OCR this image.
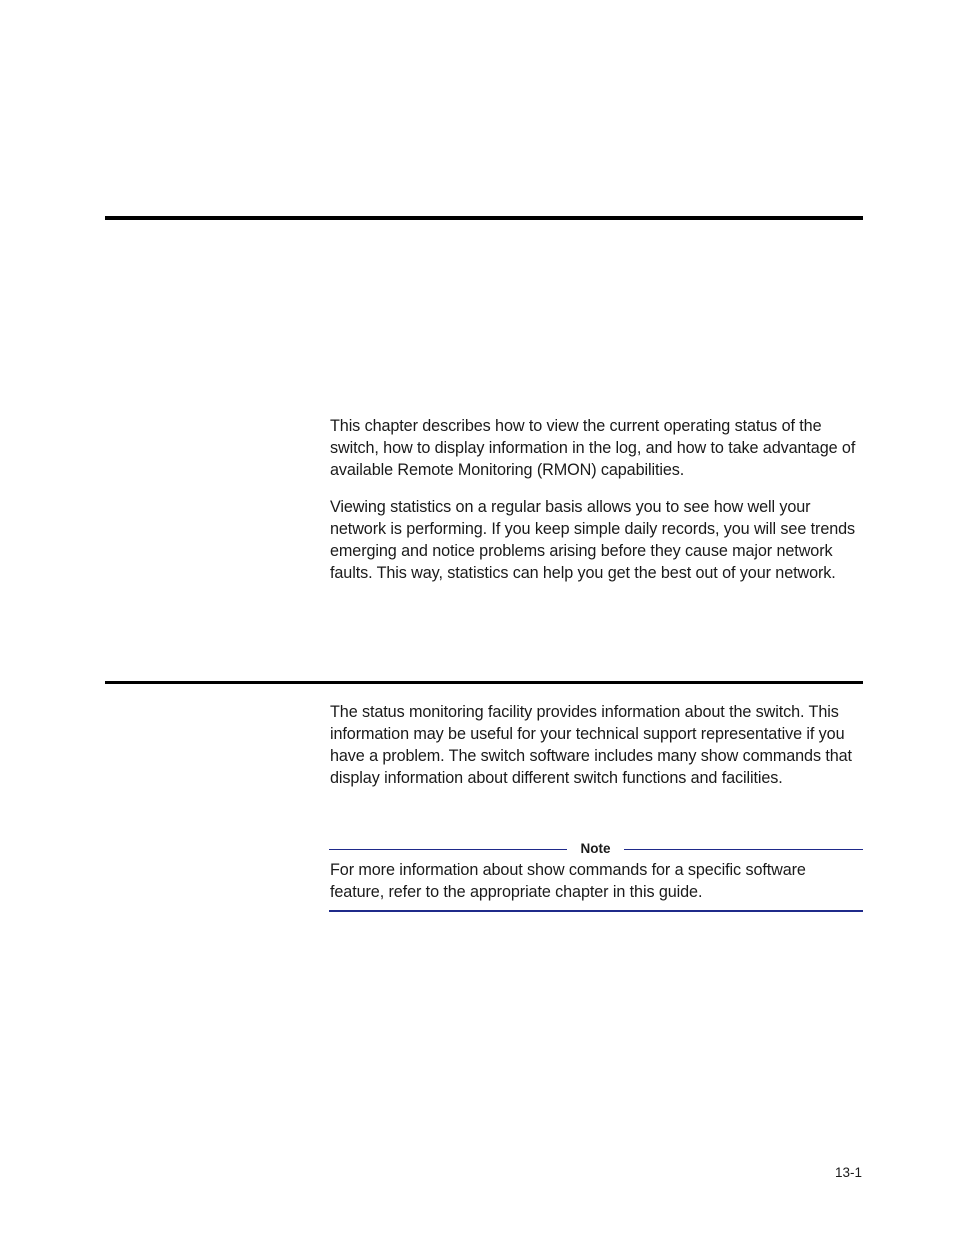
This chapter describes how to view the current operating status of the switch, how to display information in the log, and how to take advantage of available Remote Monitoring (RMON) capabilities.

Viewing statistics on a regular basis allows you to see how well your network is performing. If you keep simple daily records, you will see trends emerging and notice problems arising before they cause major network faults. This way, statistics can help you get the best out of your network.

The status monitoring facility provides information about the switch. This information may be useful for your technical support representative if you have a problem. The switch software includes many show commands that display information about different switch functions and facilities.

Note

For more information about show commands for a specific software feature, refer to the appropriate chapter in this guide.

13-1
